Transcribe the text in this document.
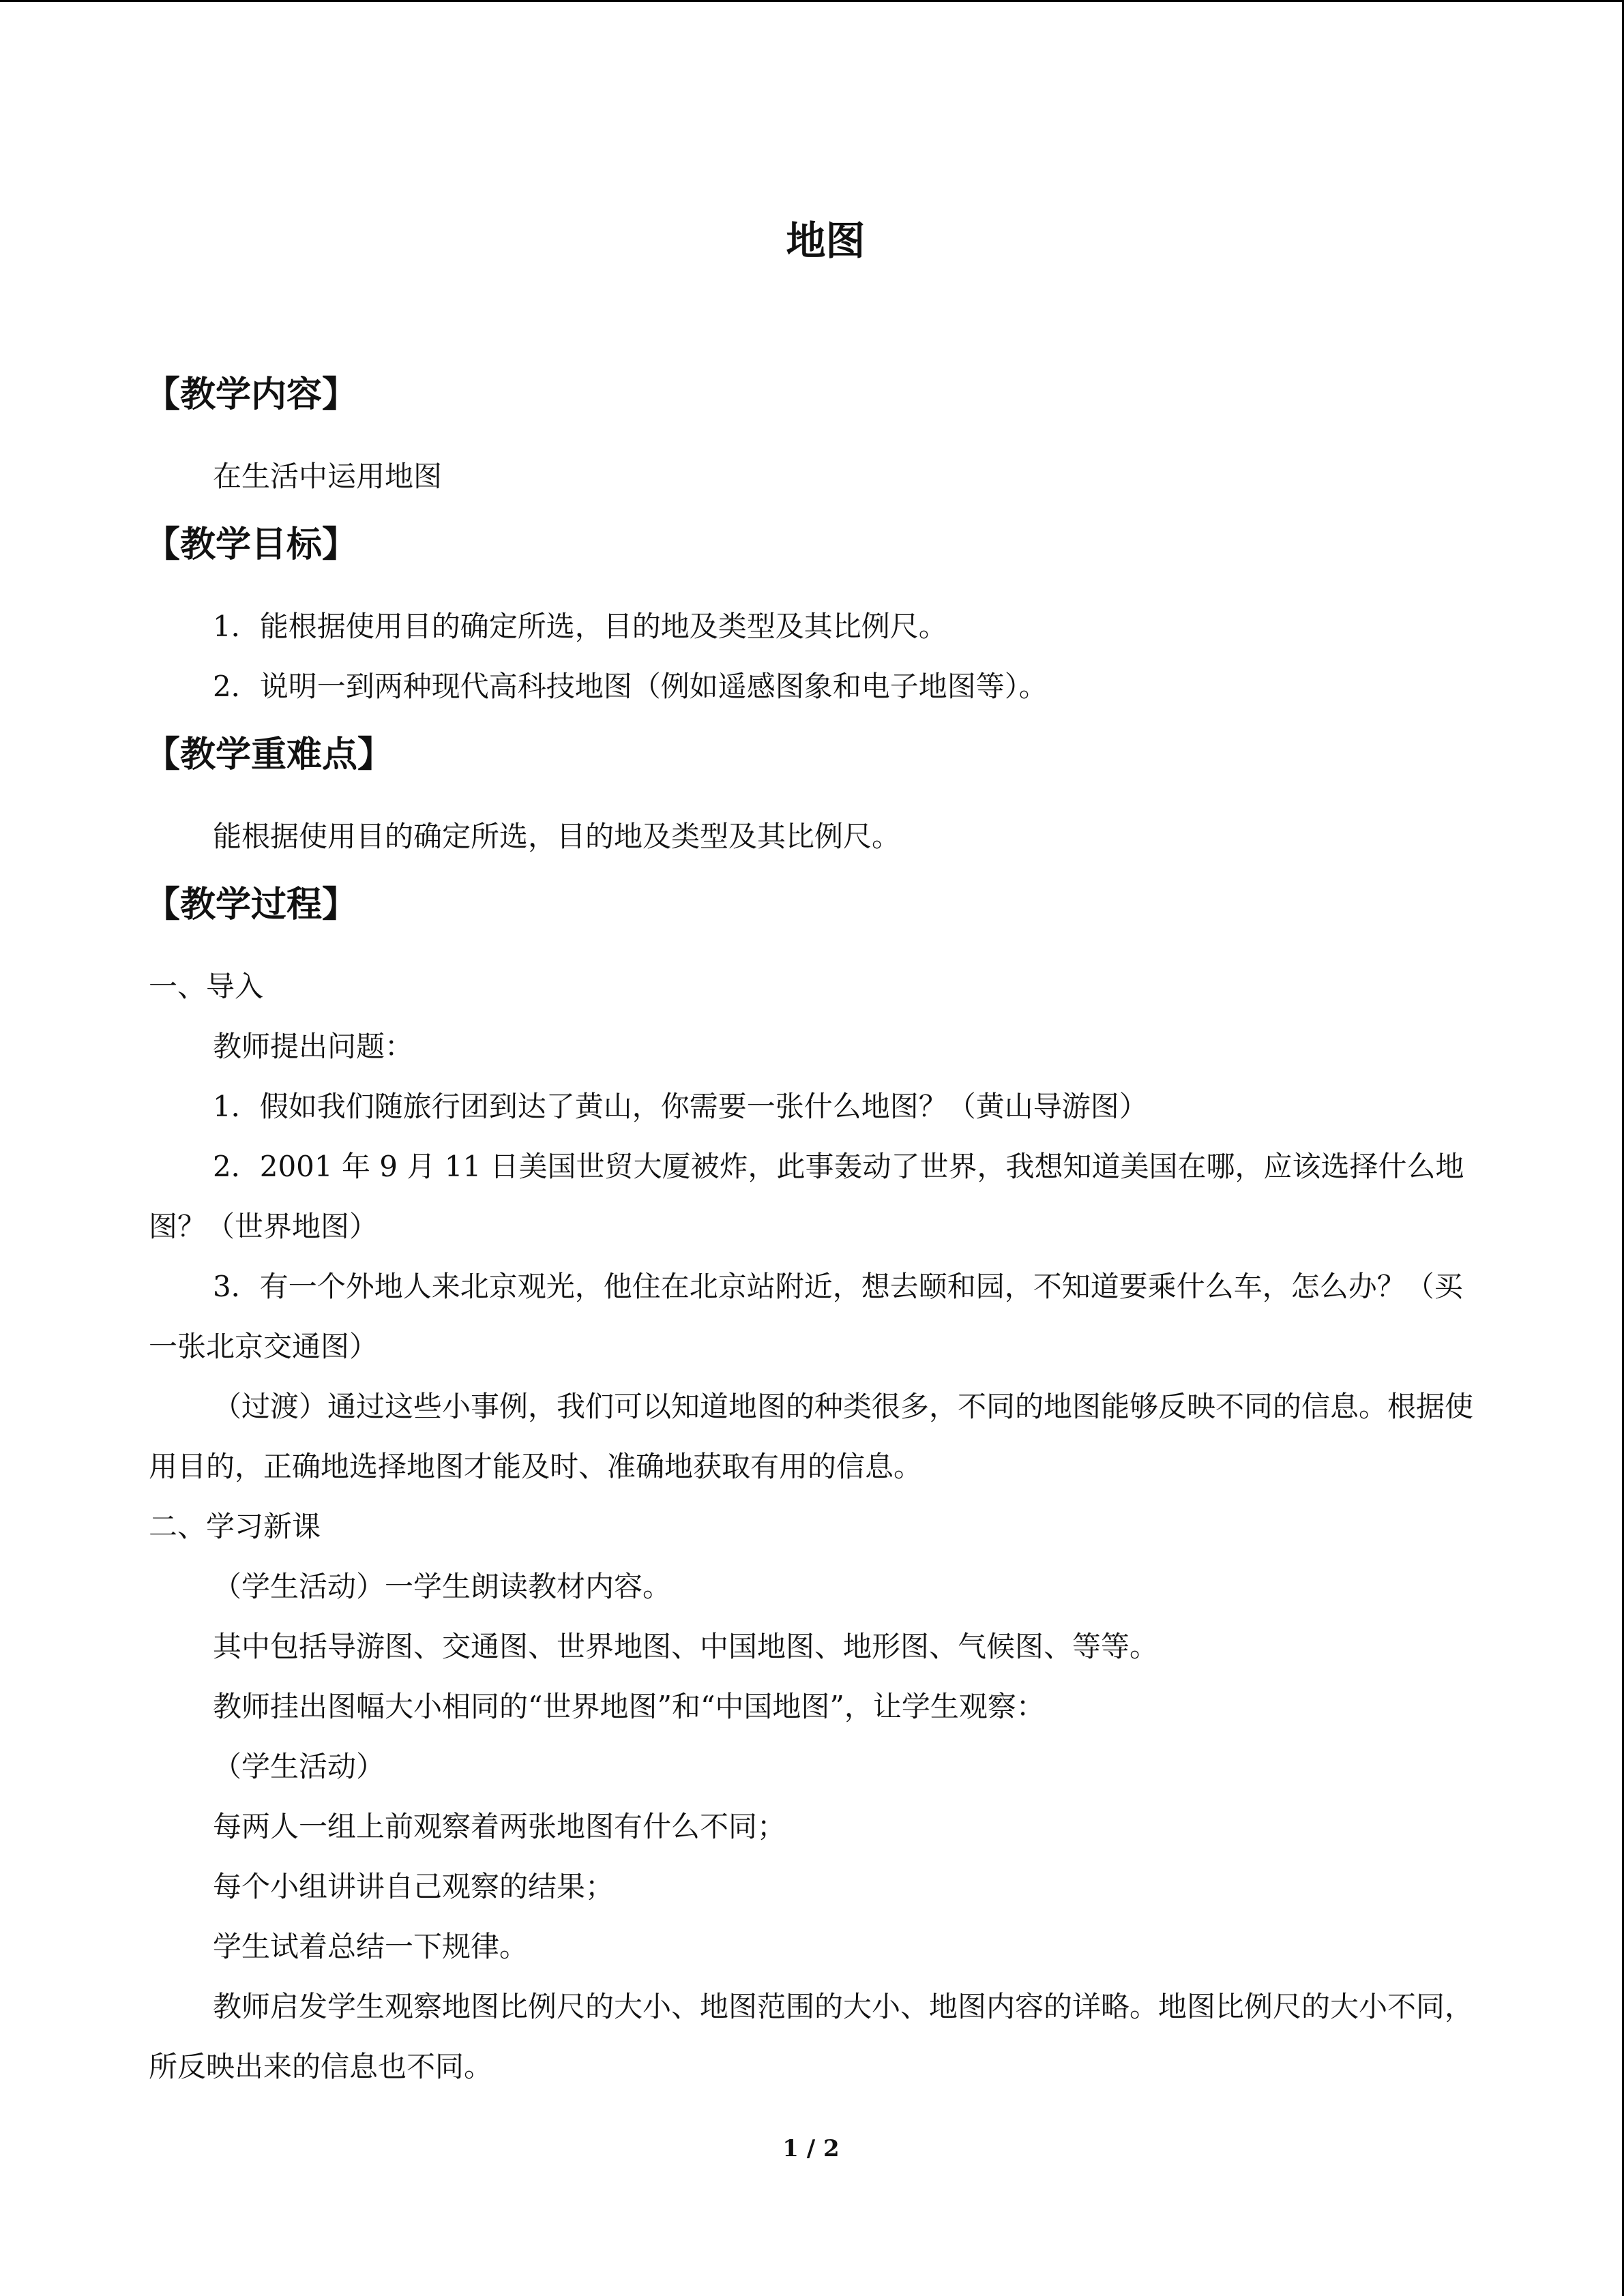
地图
【教学内容】

在生活中运用地图

【教学目标】

1．能根据使用目的确定所选，目的地及类型及其比例尺。

2．说明一到两种现代高科技地图（例如遥感图象和电子地图等）。

【教学重难点】

能根据使用目的确定所选，目的地及类型及其比例尺。

【教学过程】

一、导入

教师提出问题：

1．假如我们随旅行团到达了黄山，你需要一张什么地图？（黄山导游图）

2．2001 年 9 月 11 日美国世贸大厦被炸，此事轰动了世界，我想知道美国在哪，应该选择什么地图？（世界地图）

3．有一个外地人来北京观光，他住在北京站附近，想去颐和园，不知道要乘什么车，怎么办？（买一张北京交通图）

（过渡）通过这些小事例，我们可以知道地图的种类很多，不同的地图能够反映不同的信息。根据使用目的，正确地选择地图才能及时、准确地获取有用的信息。

二、学习新课

（学生活动）一学生朗读教材内容。

其中包括导游图、交通图、世界地图、中国地图、地形图、气候图、等等。

教师挂出图幅大小相同的“世界地图”和“中国地图”，让学生观察：

（学生活动）

每两人一组上前观察着两张地图有什么不同；

每个小组讲讲自己观察的结果；

学生试着总结一下规律。

教师启发学生观察地图比例尺的大小、地图范围的大小、地图内容的详略。地图比例尺的大小不同，所反映出来的信息也不同。

1 / 2
